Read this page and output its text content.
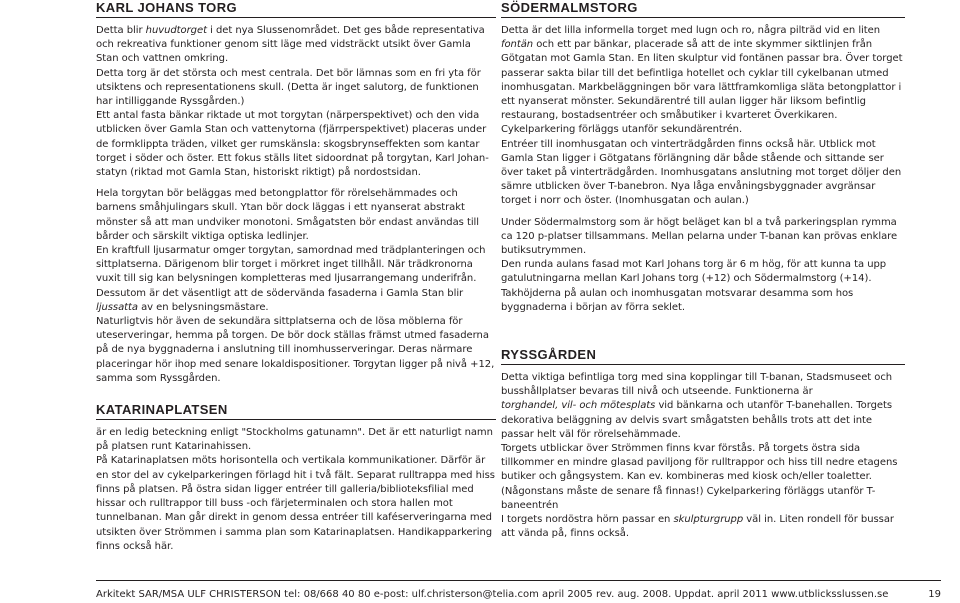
KARL JOHANS TORG

Detta blir huvudtorget i det nya Slussenområdet. Det ges både representativa och rekreativa funktioner genom sitt läge med vidsträckt utsikt över Gamla Stan och vattnen omkring.

Detta torg är det största och mest centrala. Det bör lämnas som en fri yta för utsiktens och representationens skull. (Detta är inget salutorg, de funktionen har intilliggande Ryssgården.)

Ett antal fasta bänkar riktade ut mot torgytan (närperspektivet) och den vida utblicken över Gamla Stan och vattenytorna (fjärrperspektivet) placeras under de formklippta träden, vilket ger rumskänsla: skogsbrynseffekten som kantar torget i söder och öster. Ett fokus ställs litet sidoordnat på torgytan, Karl Johan-statyn (riktad mot Gamla Stan, historiskt riktigt) på nordostsidan.

Hela torgytan bör beläggas med betongplattor för rörelsehämmades och barnens småhjulingars skull. Ytan bör dock läggas i ett nyanserat abstrakt mönster så att man undviker monotoni. Smågatsten bör endast användas till bårder och särskilt viktiga optiska ledlinjer.

En kraftfull ljusarmatur omger torgytan, samordnad med trädplanteringen och sittplatserna. Därigenom blir torget i mörkret inget tillhåll. När trädkronorna vuxit till sig kan belysningen kompletteras med ljusarrangemang underifrån. Dessutom är det väsentligt att de södervända fasaderna i Gamla Stan blir ljussatta av en belysningsmästare.

Naturligtvis hör även de sekundära sittplatserna och de lösa möblerna för uteserveringar, hemma på torgen. De bör dock ställas främst utmed fasaderna på de nya byggnaderna i anslutning till inomhusserveringar. Deras närmare placeringar hör ihop med senare lokaldispositioner. Torgytan ligger på nivå +12, samma som Ryssgården.

KATARINAPLATSEN

är en ledig beteckning enligt "Stockholms gatunamn". Det är ett naturligt namn på platsen runt Katarinahissen.

På Katarinaplatsen möts horisontella och vertikala kommunikationer. Därför är en stor del av cykelparkeringen förlagd hit i två fält. Separat rulltrappa med hiss finns på platsen. På östra sidan ligger entréer till galleria/biblioteksfilial med hissar och rulltrappor till buss -och färjeterminalen och stora hallen mot tunnelbanan. Man går direkt in genom dessa entréer till kaféserveringarna med utsikten över Strömmen i samma plan som Katarinaplatsen. Handikapparkering finns också här.

SÖDERMALMSTORG

Detta är det lilla informella torget med lugn och ro, några pilträd vid en liten fontän och ett par bänkar, placerade så att de inte skymmer siktlinjen från Götgatan mot Gamla Stan. En liten skulptur vid fontänen passar bra. Över torget passerar sakta bilar till det befintliga hotellet och cyklar till cykelbanan utmed inomhusgatan. Markbeläggningen bör vara lättframkomliga släta betongplattor i ett nyanserat mönster. Sekundärentré till aulan ligger här liksom befintlig restaurang, bostadsentréer och småbutiker i kvarteret Överkikaren. Cykelparkering förläggs utanför sekundärentrén.

Entréer till inomhusgatan och vinterträdgården finns också här. Utblick mot Gamla Stan ligger i Götgatans förlängning där både stående och sittande ser över taket på vinterträdgården. Inomhusgatans anslutning mot torget döljer den sämre utblicken över T-banebron. Nya låga envåningsbyggnader avgränsar torget i norr och öster. (Inomhusgatan och aulan.)

Under Södermalmstorg som är högt beläget kan bl a två parkeringsplan rymma ca 120 p-platser tillsammans. Mellan pelarna under T-banan kan prövas enklare butiksutrymmen.

Den runda aulans fasad mot Karl Johans torg är 6 m hög, för att kunna ta upp gatulutningarna mellan Karl Johans torg (+12) och Södermalmstorg (+14). Takhöjderna på aulan och inomhusgatan motsvarar desamma som hos byggnaderna i början av förra seklet.

RYSSGÅRDEN

Detta viktiga befintliga torg med sina kopplingar till T-banan, Stadsmuseet och busshållplatser bevaras till nivå och utseende. Funktionerna är
torghandel, vil- och mötesplats vid bänkarna och utanför T-banehallen. Torgets dekorativa beläggning av delvis svart smågatsten behålls trots att det inte passar helt väl för rörelsehämmade.

Torgets utblickar över Strömmen finns kvar förstås. På torgets östra sida tillkommer en mindre glasad paviljong för rulltrappor och hiss till nedre etagens butiker och gångsystem. Kan ev. kombineras med kiosk och/eller toaletter. (Någonstans måste de senare få finnas!) Cykelparkering förläggs utanför T-baneentrén

I torgets nordöstra hörn passar en skulpturgrupp väl in. Liten rondell för bussar att vända på, finns också.

Arkitekt SAR/MSA ULF CHRISTERSON tel: 08/668 40 80 e-post: ulf.christerson@telia.com april 2005 rev. aug. 2008. Uppdat. april 2011 www.utblicksslussen.se	19
